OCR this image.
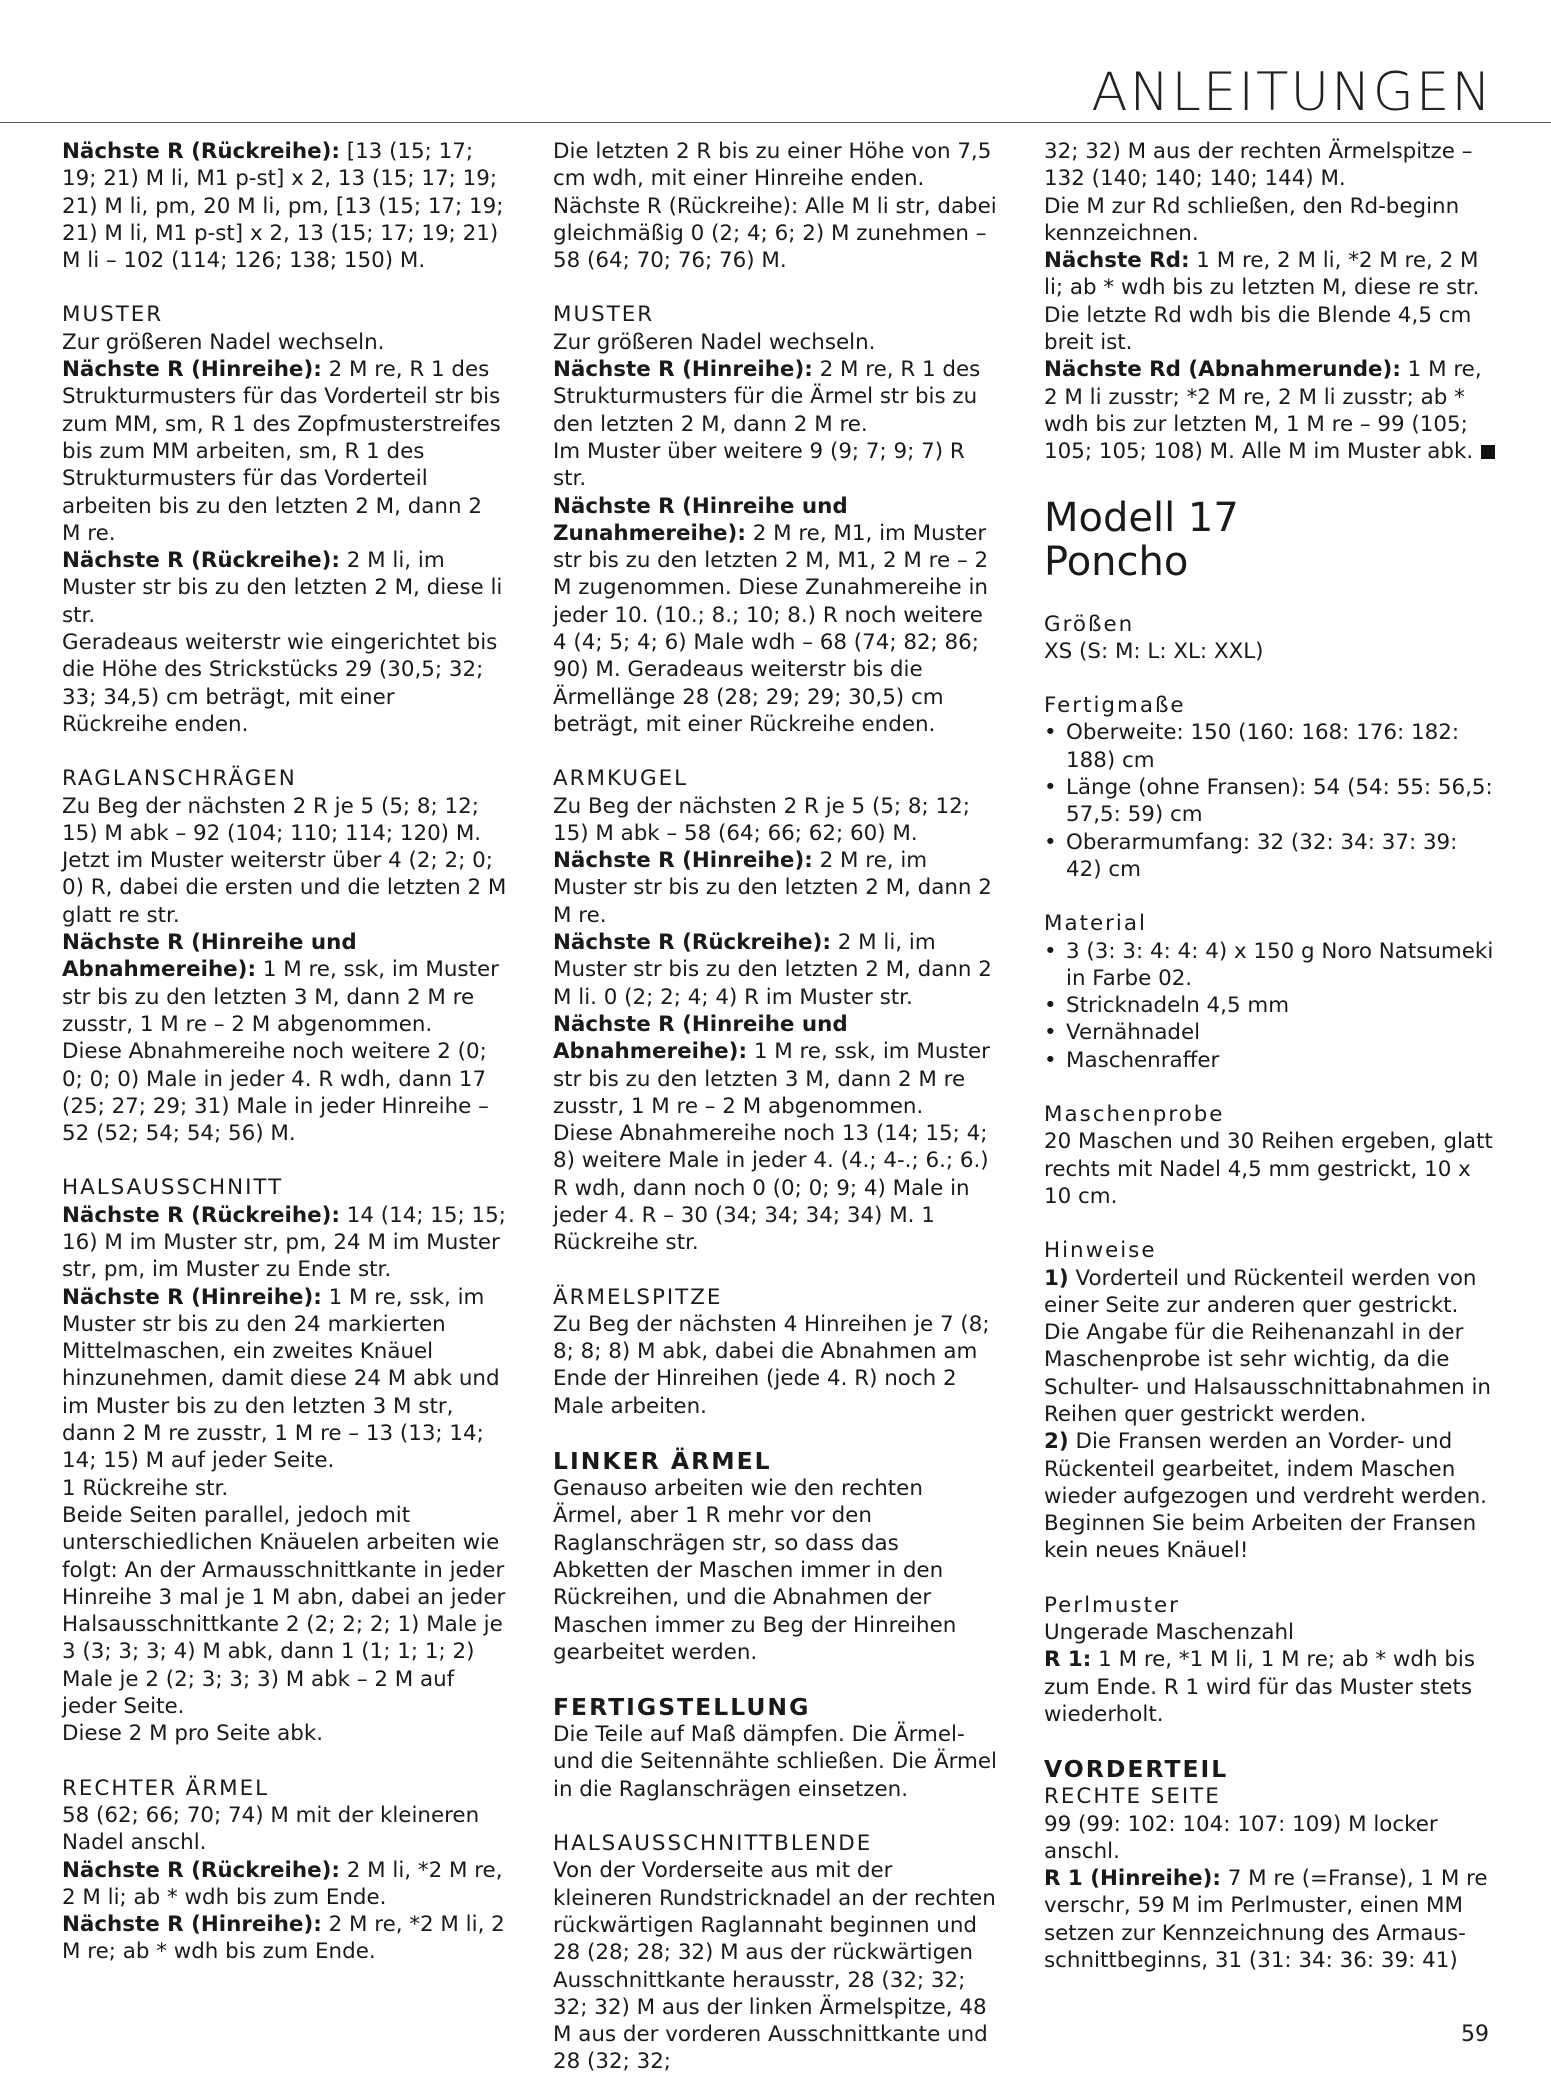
ANLEITUNGEN

Nächste R (Rückreihe): [13 (15; 17; 19; 21) M li, M1 p-st] x 2, 13 (15; 17; 19; 21) M li, pm, 20 M li, pm, [13 (15; 17; 19; 21) M li, M1 p-st] x 2, 13 (15; 17; 19; 21) M li – 102 (114; 126; 138; 150) M.

MUSTER

Zur größeren Nadel wechseln.

Nächste R (Hinreihe): 2 M re, R 1 des Strukturmusters für das Vorderteil str bis zum MM, sm, R 1 des Zopfmusterstreifes bis zum MM arbeiten, sm, R 1 des Strukturmusters für das Vorderteil arbeiten bis zu den letzten 2 M, dann 2 M re.

Nächste R (Rückreihe): 2 M li, im Muster str bis zu den letzten 2 M, diese li str.

Geradeaus weiterstr wie eingerichtet bis die Höhe des Strickstücks 29 (30,5; 32; 33; 34,5) cm beträgt, mit einer Rückreihe enden.

RAGLANSCHRÄGEN

Zu Beg der nächsten 2 R je 5 (5; 8; 12; 15) M abk – 92 (104; 110; 114; 120) M.

Jetzt im Muster weiterstr über 4 (2; 2; 0; 0) R, dabei die ersten und die letzten 2 M glatt re str.

Nächste R (Hinreihe und Abnahmereihe): 1 M re, ssk, im Muster str bis zu den letzten 3 M, dann 2 M re zusstr, 1 M re – 2 M abgenommen.

Diese Abnahmereihe noch weitere 2 (0; 0; 0; 0) Male in jeder 4. R wdh, dann 17 (25; 27; 29; 31) Male in jeder Hinreihe – 52 (52; 54; 54; 56) M.

HALSAUSSCHNITT

Nächste R (Rückreihe): 14 (14; 15; 15; 16) M im Muster str, pm, 24 M im Muster str, pm, im Muster zu Ende str.

Nächste R (Hinreihe): 1 M re, ssk, im Muster str bis zu den 24 markierten Mittelmaschen, ein zweites Knäuel hinzunehmen, damit diese 24 M abk und im Muster bis zu den letzten 3 M str, dann 2 M re zusstr, 1 M re – 13 (13; 14; 14; 15) M auf jeder Seite.

1 Rückreihe str.

Beide Seiten parallel, jedoch mit unterschiedlichen Knäuelen arbeiten wie folgt: An der Armausschnittkante in jeder Hinreihe 3 mal je 1 M abn, dabei an jeder Halsausschnittkante 2 (2; 2; 2; 1) Male je 3 (3; 3; 3; 4) M abk, dann 1 (1; 1; 1; 2) Male je 2 (2; 3; 3; 3) M abk – 2 M auf jeder Seite.

Diese 2 M pro Seite abk.

RECHTER ÄRMEL

58 (62; 66; 70; 74) M mit der kleineren Nadel anschl.

Nächste R (Rückreihe): 2 M li, *2 M re, 2 M li; ab * wdh bis zum Ende.

Nächste R (Hinreihe): 2 M re, *2 M li, 2 M re; ab * wdh bis zum Ende.

Die letzten 2 R bis zu einer Höhe von 7,5 cm wdh, mit einer Hinreihe enden.

Nächste R (Rückreihe): Alle M li str, dabei gleichmäßig 0 (2; 4; 6; 2) M zunehmen – 58 (64; 70; 76; 76) M.

MUSTER

Zur größeren Nadel wechseln.

Nächste R (Hinreihe): 2 M re, R 1 des Strukturmusters für die Ärmel str bis zu den letzten 2 M, dann 2 M re.

Im Muster über weitere 9 (9; 7; 9; 7) R str.

Nächste R (Hinreihe und Zunahmereihe): 2 M re, M1, im Muster str bis zu den letzten 2 M, M1, 2 M re – 2 M zugenommen. Diese Zunahmereihe in jeder 10. (10.; 8.; 10; 8.) R noch weitere 4 (4; 5; 4; 6) Male wdh – 68 (74; 82; 86; 90) M. Geradeaus weiterstr bis die Ärmellänge 28 (28; 29; 29; 30,5) cm beträgt, mit einer Rückreihe enden.

ARMKUGEL

Zu Beg der nächsten 2 R je 5 (5; 8; 12; 15) M abk – 58 (64; 66; 62; 60) M.

Nächste R (Hinreihe): 2 M re, im Muster str bis zu den letzten 2 M, dann 2 M re.

Nächste R (Rückreihe): 2 M li, im Muster str bis zu den letzten 2 M, dann 2 M li. 0 (2; 2; 4; 4) R im Muster str.

Nächste R (Hinreihe und Abnahmereihe): 1 M re, ssk, im Muster str bis zu den letzten 3 M, dann 2 M re zusstr, 1 M re – 2 M abgenommen.

Diese Abnahmereihe noch 13 (14; 15; 4; 8) weitere Male in jeder 4. (4.; 4-.; 6.; 6.) R wdh, dann noch 0 (0; 0; 9; 4) Male in jeder 4. R – 30 (34; 34; 34; 34) M. 1 Rückreihe str.

ÄRMELSPITZE

Zu Beg der nächsten 4 Hinreihen je 7 (8; 8; 8; 8) M abk, dabei die Abnahmen am Ende der Hinreihen (jede 4. R) noch 2 Male arbeiten.

LINKER ÄRMEL

Genauso arbeiten wie den rechten Ärmel, aber 1 R mehr vor den Raglanschrägen str, so dass das Abketten der Maschen immer in den Rückreihen, und die Abnahmen der Maschen immer zu Beg der Hinreihen gearbeitet werden.

FERTIGSTELLUNG

Die Teile auf Maß dämpfen. Die Ärmel- und die Seitennähte schließen. Die Ärmel in die Raglanschrägen einsetzen.

HALSAUSSCHNITTBLENDE

Von der Vorderseite aus mit der kleineren Rundstricknadel an der rechten rückwärtigen Raglannaht beginnen und 28 (28; 28; 32) M aus der rückwärtigen Ausschnittkante herausstr, 28 (32; 32; 32; 32) M aus der linken Ärmelspitze, 48 M aus der vorderen Ausschnittkante und 28 (32; 32;

32; 32) M aus der rechten Ärmelspitze – 132 (140; 140; 140; 144) M.

Die M zur Rd schließen, den Rd-beginn kennzeichnen.

Nächste Rd: 1 M re, 2 M li, *2 M re, 2 M li; ab * wdh bis zu letzten M, diese re str. Die letzte Rd wdh bis die Blende 4,5 cm breit ist.

Nächste Rd (Abnahmerunde): 1 M re, 2 M li zusstr; *2 M re, 2 M li zusstr; ab * wdh bis zur letzten M, 1 M re – 99 (105; 105; 105; 108) M. Alle M im Muster abk.

Modell 17
Poncho
Größen

XS (S: M: L: XL: XXL)

Fertigmaße
• Oberweite: 150 (160: 168: 176: 182: 188) cm
• Länge (ohne Fransen): 54 (54: 55: 56,5: 57,5: 59) cm
• Oberarmumfang: 32 (32: 34: 37: 39: 42) cm
Material
• 3 (3: 3: 4: 4: 4) x 150 g Noro Natsumeki in Farbe 02.
• Stricknadeln 4,5 mm
• Vernähnadel
• Maschenraffer
Maschenprobe

20 Maschen und 30 Reihen ergeben, glatt rechts mit Nadel 4,5 mm gestrickt, 10 x 10 cm.

Hinweise

1) Vorderteil und Rückenteil werden von einer Seite zur anderen quer gestrickt. Die Angabe für die Reihenanzahl in der Maschenprobe ist sehr wichtig, da die Schulter- und Halsausschnittabnahmen in Reihen quer gestrickt werden.

2) Die Fransen werden an Vorder- und Rückenteil gearbeitet, indem Maschen wieder aufgezogen und verdreht werden. Beginnen Sie beim Arbeiten der Fransen kein neues Knäuel!

Perlmuster

Ungerade Maschenzahl

R 1: 1 M re, *1 M li, 1 M re; ab * wdh bis zum Ende. R 1 wird für das Muster stets wiederholt.

VORDERTEIL
RECHTE SEITE

99 (99: 102: 104: 107: 109) M locker anschl.

R 1 (Hinreihe): 7 M re (=Franse), 1 M re verschr, 59 M im Perlmuster, einen MM setzen zur Kennzeichnung des Armausschnittbeginns, 31 (31: 34: 36: 39: 41)

59
